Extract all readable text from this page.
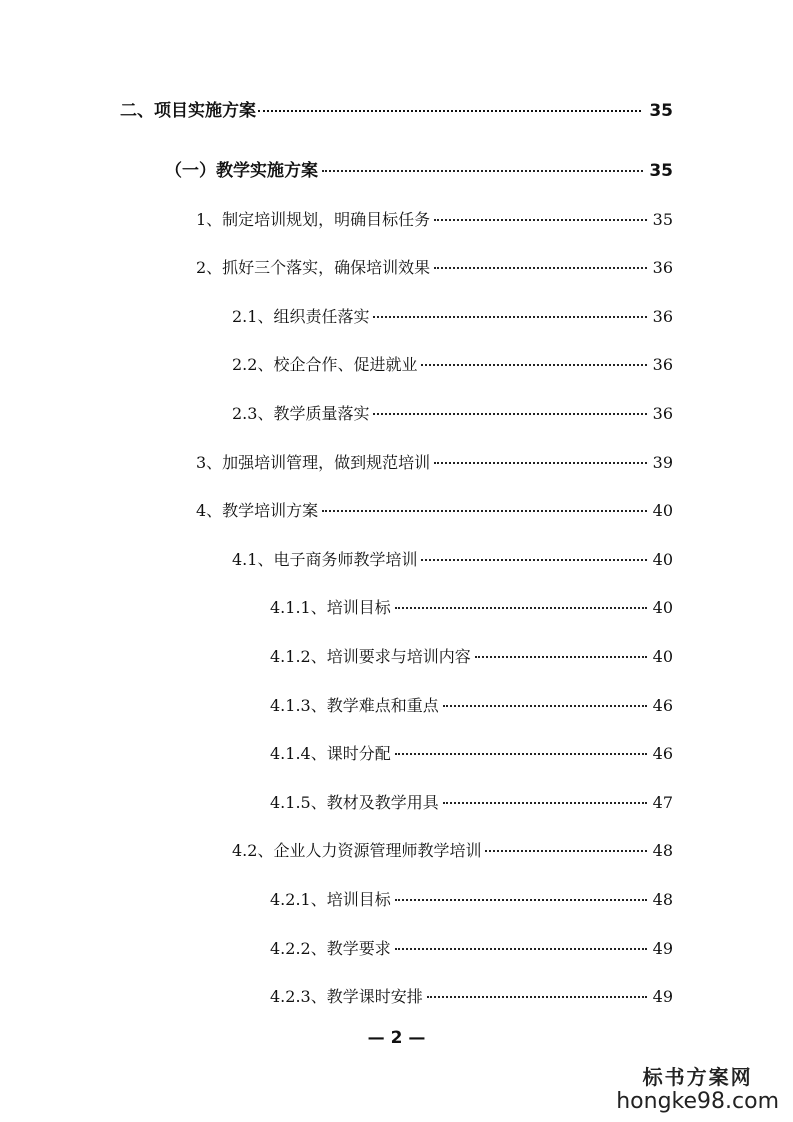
二、项目实施方案	35
（一）教学实施方案	35
1、制定培训规划，明确目标任务	35
2、抓好三个落实，确保培训效果	36
2.1、组织责任落实	36
2.2、校企合作、促进就业	36
2.3、教学质量落实	36
3、加强培训管理，做到规范培训	39
4、教学培训方案	40
4.1、电子商务师教学培训	40
4.1.1、培训目标	40
4.1.2、培训要求与培训内容	40
4.1.3、教学难点和重点	46
4.1.4、课时分配	46
4.1.5、教材及教学用具	47
4.2、企业人力资源管理师教学培训	48
4.2.1、培训目标	48
4.2.2、教学要求	49
4.2.3、教学课时安排	49
— 2 —
标书方案网
hongke98.com
